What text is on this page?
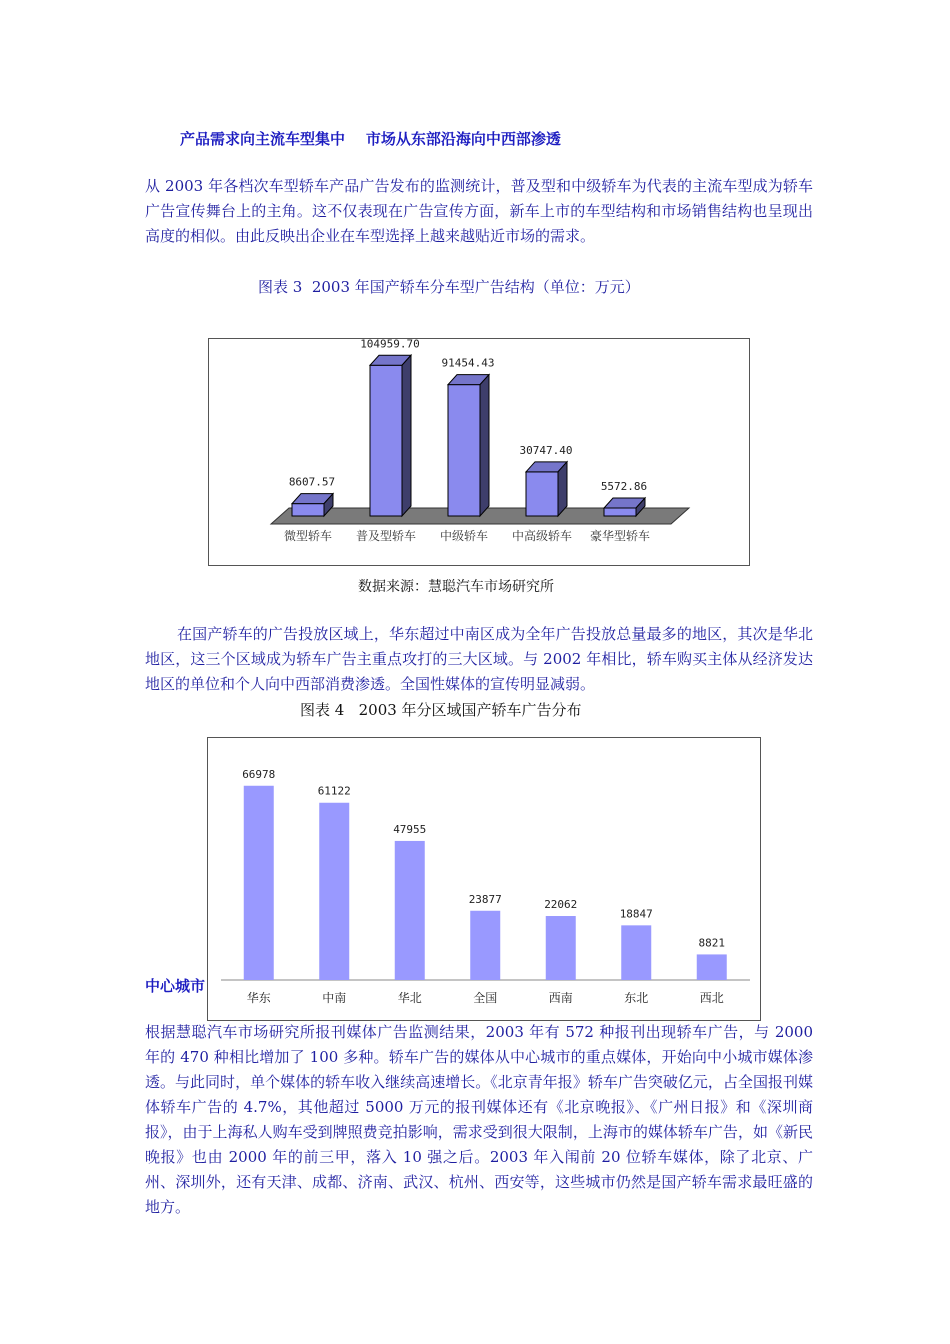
产品需求向主流车型集中    市场从东部沿海向中西部渗透
从 2003 年各档次车型轿车产品广告发布的监测统计，普及型和中级轿车为代表的主流车型成为轿车广告宣传舞台上的主角。这不仅表现在广告宣传方面，新车上市的车型结构和市场销售结构也呈现出高度的相似。由此反映出企业在车型选择上越来越贴近市场的需求。
图表 3  2003 年国产轿车分车型广告结构（单位：万元）
8607.57
微型轿车
104959.70
普及型轿车
91454.43
中级轿车
30747.40
中高级轿车
5572.86
豪华型轿车
数据来源：慧聪汽车市场研究所
在国产轿车的广告投放区域上，华东超过中南区成为全年广告投放总量最多的地区，其次是华北地区，这三个区域成为轿车广告主重点攻打的三大区域。与 2002 年相比，轿车购买主体从经济发达地区的单位和个人向中西部消费渗透。全国性媒体的宣传明显减弱。
图表 4   2003 年分区域国产轿车广告分布
中心城市
66978
华东
61122
中南
47955
华北
23877
全国
22062
西南
18847
东北
8821
西北
根据慧聪汽车市场研究所报刊媒体广告监测结果，2003 年有 572 种报刊出现轿车广告，与 2000 年的 470 种相比增加了 100 多种。轿车广告的媒体从中心城市的重点媒体，开始向中小城市媒体渗透。与此同时，单个媒体的轿车收入继续高速增长。《北京青年报》轿车广告突破亿元，占全国报刊媒体轿车广告的 4.7%，其他超过 5000 万元的报刊媒体还有《北京晚报》、《广州日报》和《深圳商报》，由于上海私人购车受到牌照费竞拍影响，需求受到很大限制，上海市的媒体轿车广告，如《新民晚报》也由 2000 年的前三甲，落入 10 强之后。2003 年入闱前 20 位轿车媒体，除了北京、广州、深圳外，还有天津、成都、济南、武汉、杭州、西安等，这些城市仍然是国产轿车需求最旺盛的地方。
